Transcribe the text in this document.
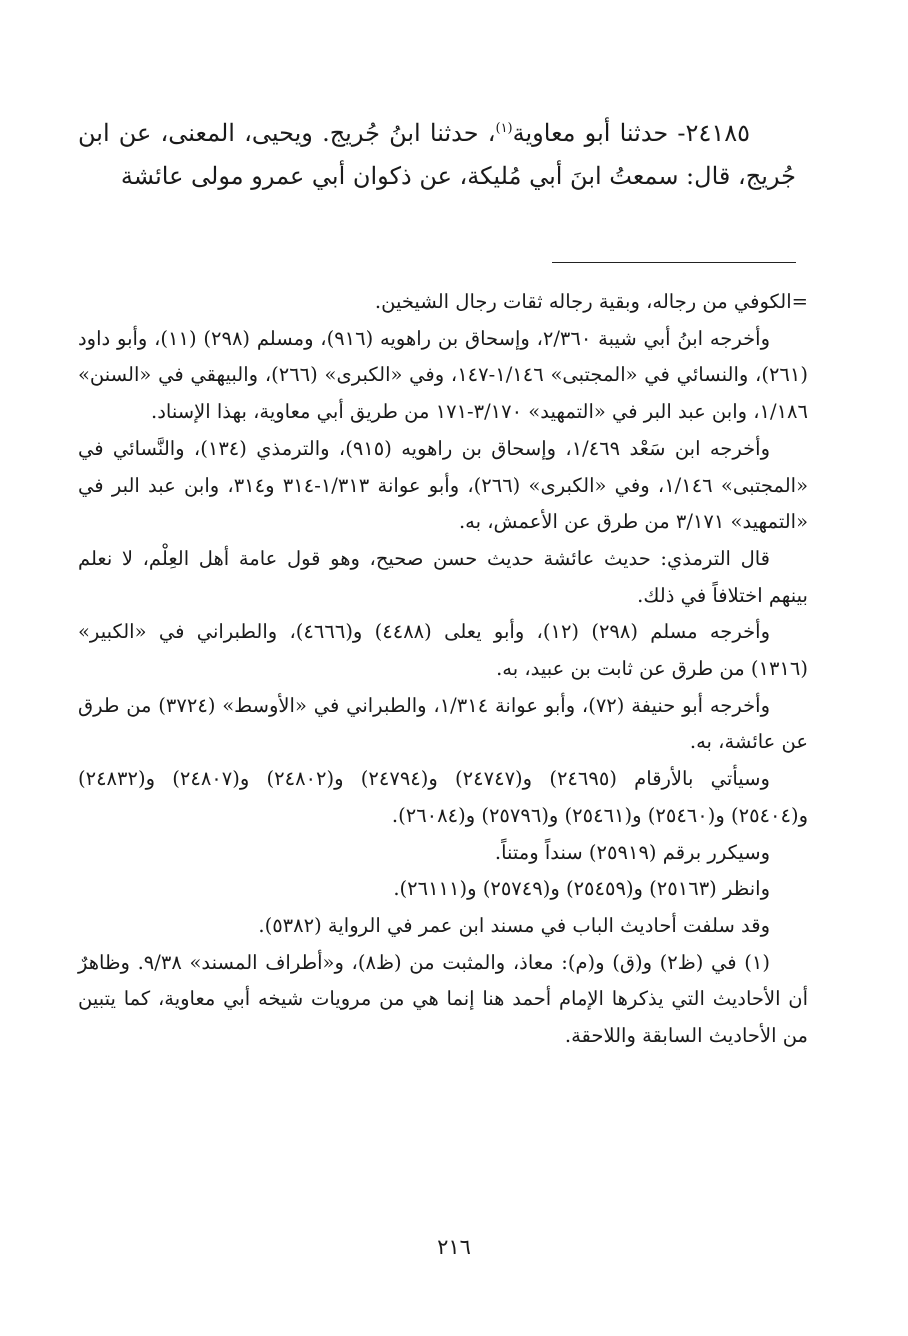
٢٤١٨٥- حدثنا أبو معاوية$^{(١)}$، حدثنا ابنُ جُريج. ويحيى، المعنى، عن ابن جُريج، قال: سمعتُ ابنَ أبي مُليكة، عن ذكوان أبي عمرو مولى عائشة

=الكوفي من رجاله، وبقية رجاله ثقات رجال الشيخين.

وأخرجه ابنُ أبي شيبة ٢/٣٦٠، وإسحاق بن راهويه (٩١٦)، ومسلم (٢٩٨) (١١)، وأبو داود (٢٦١)، والنسائي في «المجتبى» ١/١٤٦-١٤٧، وفي «الكبرى» (٢٦٦)، والبيهقي في «السنن» ١/١٨٦، وابن عبد البر في «التمهيد» ٣/١٧٠-١٧١ من طريق أبي معاوية، بهذا الإسناد.

وأخرجه ابن سَعْد ١/٤٦٩، وإسحاق بن راهويه (٩١٥)، والترمذي (١٣٤)، والنَّسائي في «المجتبى» ١/١٤٦، وفي «الكبرى» (٢٦٦)، وأبو عوانة ١/٣١٣-٣١٤ و٣١٤، وابن عبد البر في «التمهيد» ٣/١٧١ من طرق عن الأعمش، به.

قال الترمذي: حديث عائشة حديث حسن صحيح، وهو قول عامة أهل العِلْم، لا نعلم بينهم اختلافاً في ذلك.

وأخرجه مسلم (٢٩٨) (١٢)، وأبو يعلى (٤٤٨٨) و(٤٦٦٦)، والطبراني في «الكبير» (١٣١٦) من طرق عن ثابت بن عبيد، به.

وأخرجه أبو حنيفة (٧٢)، وأبو عوانة ١/٣١٤، والطبراني في «الأوسط» (٣٧٢٤) من طرق عن عائشة، به.

وسيأتي بالأرقام (٢٤٦٩٥) و(٢٤٧٤٧) و(٢٤٧٩٤) و(٢٤٨٠٢) و(٢٤٨٠٧) و(٢٤٨٣٢) و(٢٥٤٠٤) و(٢٥٤٦٠) و(٢٥٤٦١) و(٢٥٧٩٦) و(٢٦٠٨٤).

وسيكرر برقم (٢٥٩١٩) سنداً ومتناً.

وانظر (٢٥١٦٣) و(٢٥٤٥٩) و(٢٥٧٤٩) و(٢٦١١١).

وقد سلفت أحاديث الباب في مسند ابن عمر في الرواية (٥٣٨٢).

(١) في (ظ٢) و(ق) و(م): معاذ، والمثبت من (ظ٨)، و«أطراف المسند» ٩/٣٨. وظاهرٌ أن الأحاديث التي يذكرها الإمام أحمد هنا إنما هي من مرويات شيخه أبي معاوية، كما يتبين من الأحاديث السابقة واللاحقة.

٢١٦
